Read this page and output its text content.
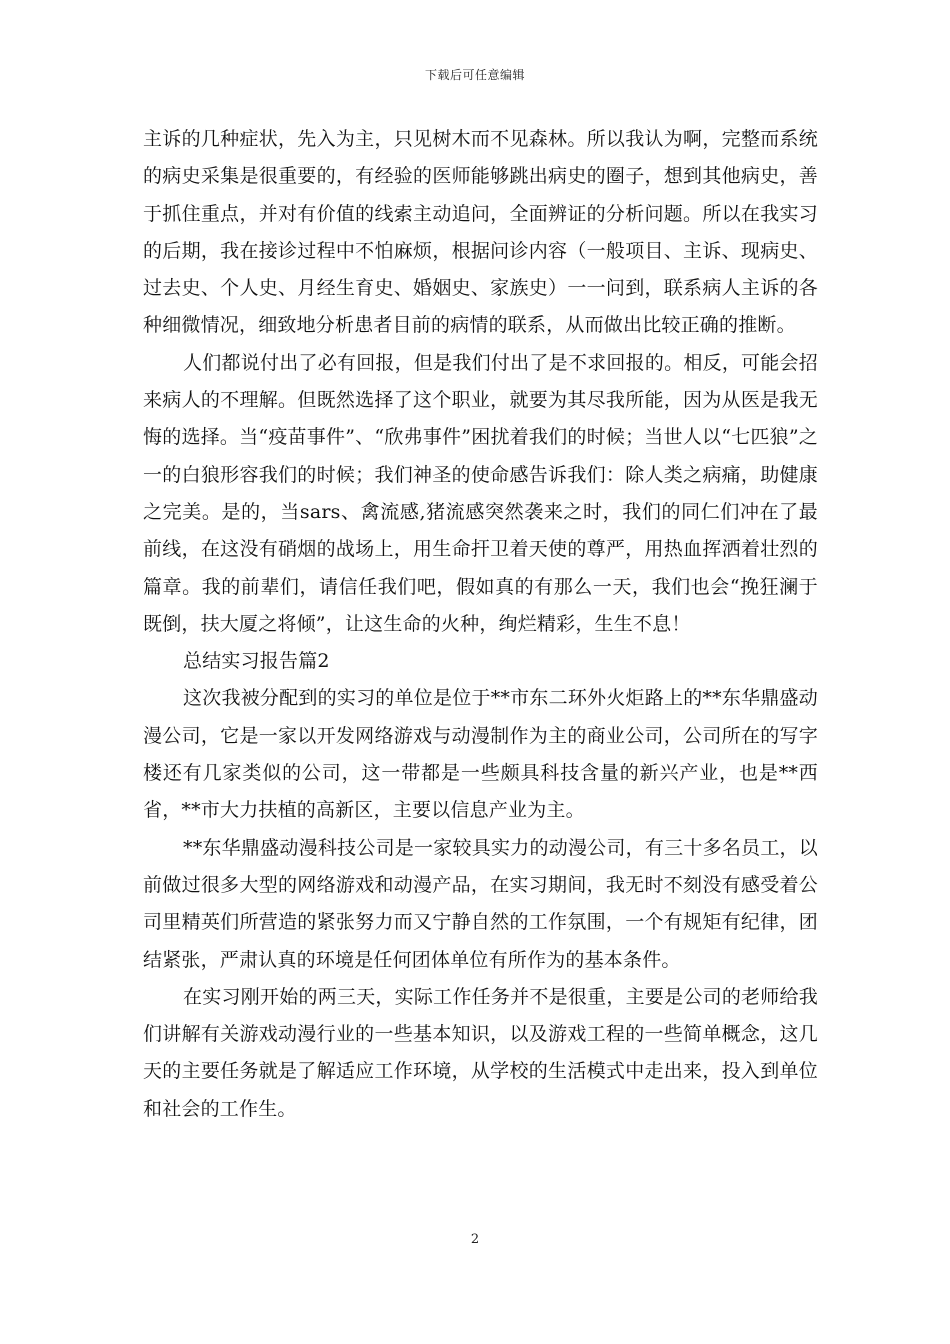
下载后可任意编辑

主诉的几种症状，先入为主，只见树木而不见森林。所以我认为啊，完整而系统的病史采集是很重要的，有经验的医师能够跳出病史的圈子，想到其他病史，善于抓住重点，并对有价值的线索主动追问，全面辨证的分析问题。所以在我实习的后期，我在接诊过程中不怕麻烦，根据问诊内容（一般项目、主诉、现病史、过去史、个人史、月经生育史、婚姻史、家族史）一一问到，联系病人主诉的各种细微情况，细致地分析患者目前的病情的联系，从而做出比较正确的推断。

人们都说付出了必有回报，但是我们付出了是不求回报的。相反，可能会招来病人的不理解。但既然选择了这个职业，就要为其尽我所能，因为从医是我无悔的选择。当“疫苗事件”、“欣弗事件”困扰着我们的时候；当世人以“七匹狼”之一的白狼形容我们的时候；我们神圣的使命感告诉我们：除人类之病痛，助健康之完美。是的，当sars、禽流感,猪流感突然袭来之时，我们的同仁们冲在了最前线，在这没有硝烟的战场上，用生命扞卫着天使的尊严，用热血挥洒着壮烈的篇章。我的前辈们，请信任我们吧，假如真的有那么一天，我们也会“挽狂澜于既倒，扶大厦之将倾”，让这生命的火种，绚烂精彩，生生不息！

总结实习报告篇2

这次我被分配到的实习的单位是位于**市东二环外火炬路上的**东华鼎盛动漫公司，它是一家以开发网络游戏与动漫制作为主的商业公司，公司所在的写字楼还有几家类似的公司，这一带都是一些颇具科技含量的新兴产业，也是**西省，**市大力扶植的高新区，主要以信息产业为主。

**东华鼎盛动漫科技公司是一家较具实力的动漫公司，有三十多名员工，以前做过很多大型的网络游戏和动漫产品，在实习期间，我无时不刻没有感受着公司里精英们所营造的紧张努力而又宁静自然的工作氛围，一个有规矩有纪律，团结紧张，严肃认真的环境是任何团体单位有所作为的基本条件。

在实习刚开始的两三天，实际工作任务并不是很重，主要是公司的老师给我们讲解有关游戏动漫行业的一些基本知识，以及游戏工程的一些简单概念，这几天的主要任务就是了解适应工作环境，从学校的生活模式中走出来，投入到单位和社会的工作生。

2
